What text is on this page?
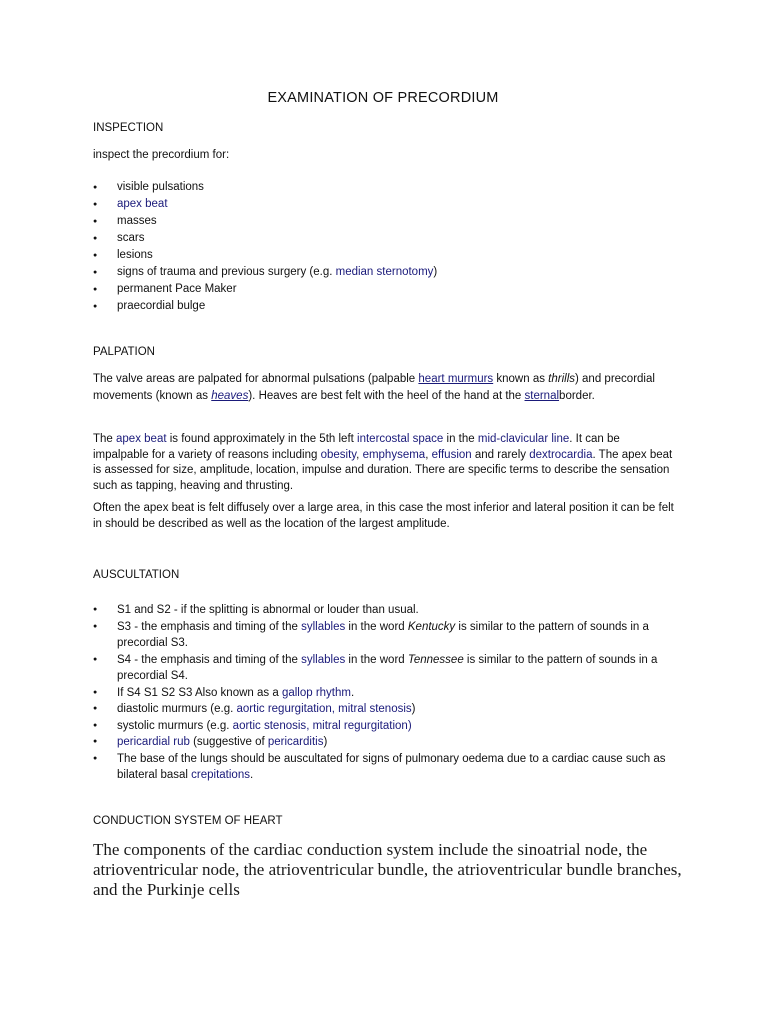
EXAMINATION OF PRECORDIUM
INSPECTION

inspect the precordium for:

● visible pulsations
● apex beat
● masses
● scars
● lesions
● signs of trauma and previous surgery (e.g. median sternotomy)
● permanent Pace Maker
● praecordial bulge
PALPATION

The valve areas are palpated for abnormal pulsations (palpable heart murmurs known as thrills) and precordial movements (known as heaves). Heaves are best felt with the heel of the hand at the sternalborder.

The apex beat is found approximately in the 5th left intercostal space in the mid-clavicular line. It can be impalpable for a variety of reasons including obesity, emphysema, effusion and rarely dextrocardia. The apex beat is assessed for size, amplitude, location, impulse and duration. There are specific terms to describe the sensation such as tapping, heaving and thrusting.

Often the apex beat is felt diffusely over a large area, in this case the most inferior and lateral position it can be felt in should be described as well as the location of the largest amplitude.

AUSCULTATION
● S1 and S2 - if the splitting is abnormal or louder than usual.
● S3 - the emphasis and timing of the syllables in the word Kentucky is similar to the pattern of sounds in a precordial S3.
● S4 - the emphasis and timing of the syllables in the word Tennessee is similar to the pattern of sounds in a precordial S4.
● If S4 S1 S2 S3 Also known as a gallop rhythm.
● diastolic murmurs (e.g. aortic regurgitation, mitral stenosis)
● systolic murmurs (e.g. aortic stenosis, mitral regurgitation)
● pericardial rub (suggestive of pericarditis)
● The base of the lungs should be auscultated for signs of pulmonary oedema due to a cardiac cause such as bilateral basal crepitations.
CONDUCTION SYSTEM OF HEART

The components of the cardiac conduction system include the sinoatrial node, the atrioventricular node, the atrioventricular bundle, the atrioventricular bundle branches, and the Purkinje cells
